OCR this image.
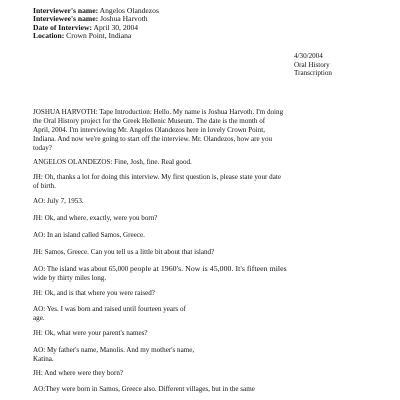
Interviewer's name: Angelos Olandezos
Interviewee's name: Joshua Harvoth
Date of Interview: April 30, 2004
Location: Crown Point, Indiana
4/30/2004
Oral History
Transcription

JOSHUA HARVOTH: Tape Introduction: Hello. My name is Joshua Harvoth. I'm doing
the Oral History project for the Greek Hellenic Museum. The date is the month of
April, 2004. I'm interviewing Mr. Angelos Olandezos here in lovely Crown Point,
Indiana. And now we're going to start off the interview. Mr. Olandezos, how are you
today?

ANGELOS OLANDEZOS: Fine, Josh, fine. Real good.

JH: Oh, thanks a lot for doing this interview. My first question is, please state your date
of birth.

AO: July 7, 1953.

JH: Ok, and where, exactly, were you born?

AO: In an island called Samos, Greece.

JH: Samos, Greece. Can you tell us a little bit about that island?

AO: The island was about 65,000 people at 1960's. Now is 45,000. It's fifteen miles
wide by thirty miles long.

JH: Ok, and is that where you were raised?

AO: Yes. I was born and raised until fourteen years of
age.

JH: Ok, what were your parent's names?

AO: My father's name, Manolis. And my mother's name,
Katina.

JH: And where were they born?

AO:They were born in Samos, Greece also. Different villages, but in the same
